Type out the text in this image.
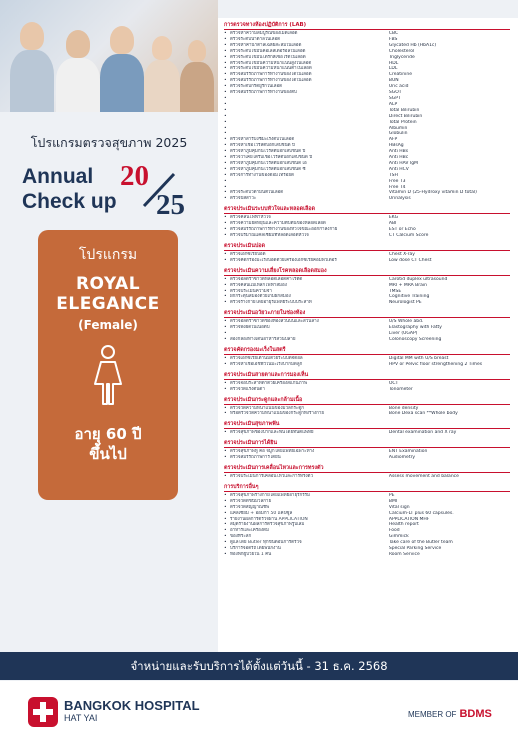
โปรแกรมตรวจสุขภาพ 2025
Annual
Check up
20
25
โปรแกรม
ROYAL
ELEGANCE
(Female)
อายุ 60 ปี
ขึ้นไป
การตรวจทางห้องปฏิบัติการ (LAB)
• ตรวจหาความสมบูรณ์ของเม็ดเลือด	CBC
• ตรวจระดับน้ำตาลในเลือด	FBS
• ตรวจหาค่าน้ำตาลเฉลี่ยสะสมในเลือด	Glycated Hb (HbA1c)
• ตรวจระดับไขมันคอเลสเตอรอลในเลือด	Cholesterol
• ตรวจระดับไขมันไตรกลีเซอไรด์ในเลือด	Triglyceride
• ตรวจระดับไขมันความหนาแน่นสูงในเลือด	HDL
• ตรวจระดับไขมันความหนาแน่นต่ำในเลือด	LDL
• ตรวจสมรรถภาพการทำงานของไตในเลือด	Creatinine
• ตรวจสมรรถภาพการทำงานของไตในเลือด	BUN
• ตรวจระดับกรดยูริกในเลือด	Uric acid
• ตรวจสมรรถภาพการทำงานของตับ	SGOT
•	SGPT
•	ALP
•	Total Bilirubin
•	Direct Bilirubin
•	Total Protein
•	Albumin
•	Globulin
• ตรวจหาสารบ่งชี้มะเร็งตับในเลือด	AFP
• ตรวจหาเชื้อไวรัสตับอักเสบชนิด บี	HBsAg
• ตรวจหาภูมิคุ้มกันไวรัสตับอักเสบชนิด บี	Anti HBs
• ตรวจว่าเคยได้รับเชื้อไวรัสตับอักเสบชนิด บี	Anti HBc
• ตรวจหาภูมิคุ้มกันไวรัสตับอักเสบชนิด เอ	Anti HAV IgM
• ตรวจหาภูมิคุ้มกันไวรัสตับอักเสบชนิด ซี	Anti HCV
• ตรวจการทำงานของต่อมไทรอยด์	TSH
•	Free T3
•	Free T4
• ตรวจระดับวิตามินดีในเลือด	Vitamin D (25-Hydroxy vitamin D total)
• ตรวจปัสสาวะ	Urinalysis
ตรวจประเมินระบบหัวใจและหลอดเลือด
• ตรวจคลื่นไฟฟ้าหัวใจ	EKG
• ตรวจความยืดหยุ่นและความตีบตันของหลอดเลือด	ABI
• ตรวจสมรรถภาพการทำงานของหัวใจขณะออกกำลังกาย	EST or Echo
• ตรวจปริมาณแคลเซียมที่หลอดเลือดหัวใจ	CT Calcium Score
ตรวจประเมินปอด
• ตรวจเอกซเรย์ปอด	Chest X-ray
• ตรวจคัดกรองมะเร็งปอดด้วยเครื่องเอกซเรย์คอมพิวเตอร์	Low dose CT Chest
ตรวจประเมินความเสี่ยงโรคหลอดเลือดสมอง
• ตรวจอัลตร้าซาวด์หลอดเลือดคาโรติด	Carotid duplex ultrasound
• ตรวจคลื่นแม่เหล็กไฟฟ้าสมอง	MRI + MRA Brain
• ตรวจประเมินความจำ	TMSE
• ฝึกกระตุ้นสมองด้วยเกมฝึกสมอง	Cognitive Training
• ตรวจร่างกายโดยอายุรแพทย์ระบบประสาท	Neurologist PE
ตรวจประเมินอวัยวะภายในช่องท้อง
• ตรวจอัลตร้าซาวด์ช่องท้องส่วนบนและส่วนล่าง	U/S Whole abd.
• ตรวจพังผืดในเนื้อตับ	Elastography with Fatty
•	Liver (UGAP)
• ส่องกล้องทางเดินอาหารส่วนปลาย	Colonoscopy Screening
ตรวจคัดกรองมะเร็งในสตรี
• ตรวจเอกซเรย์เต้านมด้วยระบบดิจิตอล	Digital MM with U/S breast
• ตรวจหาเชื้อเอชพีวีในมะเร็งปากมดลูก	HPV or Pelvic floor strengthening 2 Times
ตรวจประเมินสายตาและการมองเห็น
• ตรวจจอประสาทตาด้วยเครื่องสแกนภาพ	OCT
• ตรวจวัดแรงดันตา	Tonometer
ตรวจประเมินกระดูกและกล้ามเนื้อ
• ตรวจวัดความหนาแน่นของมวลกระดูก	Bone density
• หรือตรวจวัดความหนาแน่นของกระดูกทั้งร่างกาย	Bone Dexa scan **Whole body
ตรวจประเมินสุขภาพฟัน
• ตรวจสุขภาพช่องปากและฟันโดยทันตแพทย์	Dental examination and X ray
ตรวจประเมินการได้ยิน
• ตรวจสุขภาพหู คอ จมูกโดยแพทย์เฉพาะทาง	ENT Examination
• ตรวจสมรรถภาพการได้ยิน	Audiometry
ตรวจประเมินการเคลื่อนไหวและการทรงตัว
• ตรวจประเมินการเคลื่อนไหวและการทรงตัว	Assess movement and balance
การบริการอื่นๆ
• ตรวจสุขภาพร่างกายโดยแพทย์อายุรกรรม	PE
• ตรวจวัดดัชนีมวลกาย	BMI
• ตรวจวัดสัญญาณชีพ	Vital sign
• แคลเซียม + ออมก้า 50 แคปซูล	Calcium-LT plus 60 capsules.
• รายงานผลการตรวจผ่าน APPLICATION	APPLICATION MHF
• สมุดรายงานผลการตรวจสุขภาพรูปเล่ม	Health report
• อาหารและเครื่องดื่ม	Food
• ของที่ระลึก	Gimmick
• ดูแลโดย Butler ทุกขั้นตอนการตรวจ	Take care of the Butler team
• บริการจอดรถโดยพนักงาน	Special Parking Service
• ห้องพักผู้ป่วยใน 1 คืน	Room Service
จำหน่ายและรับบริการได้ตั้งแต่วันนี้ - 31 ธ.ค. 2568
BANGKOK HOSPITAL
HAT YAI	MEMBER OF BDMS
